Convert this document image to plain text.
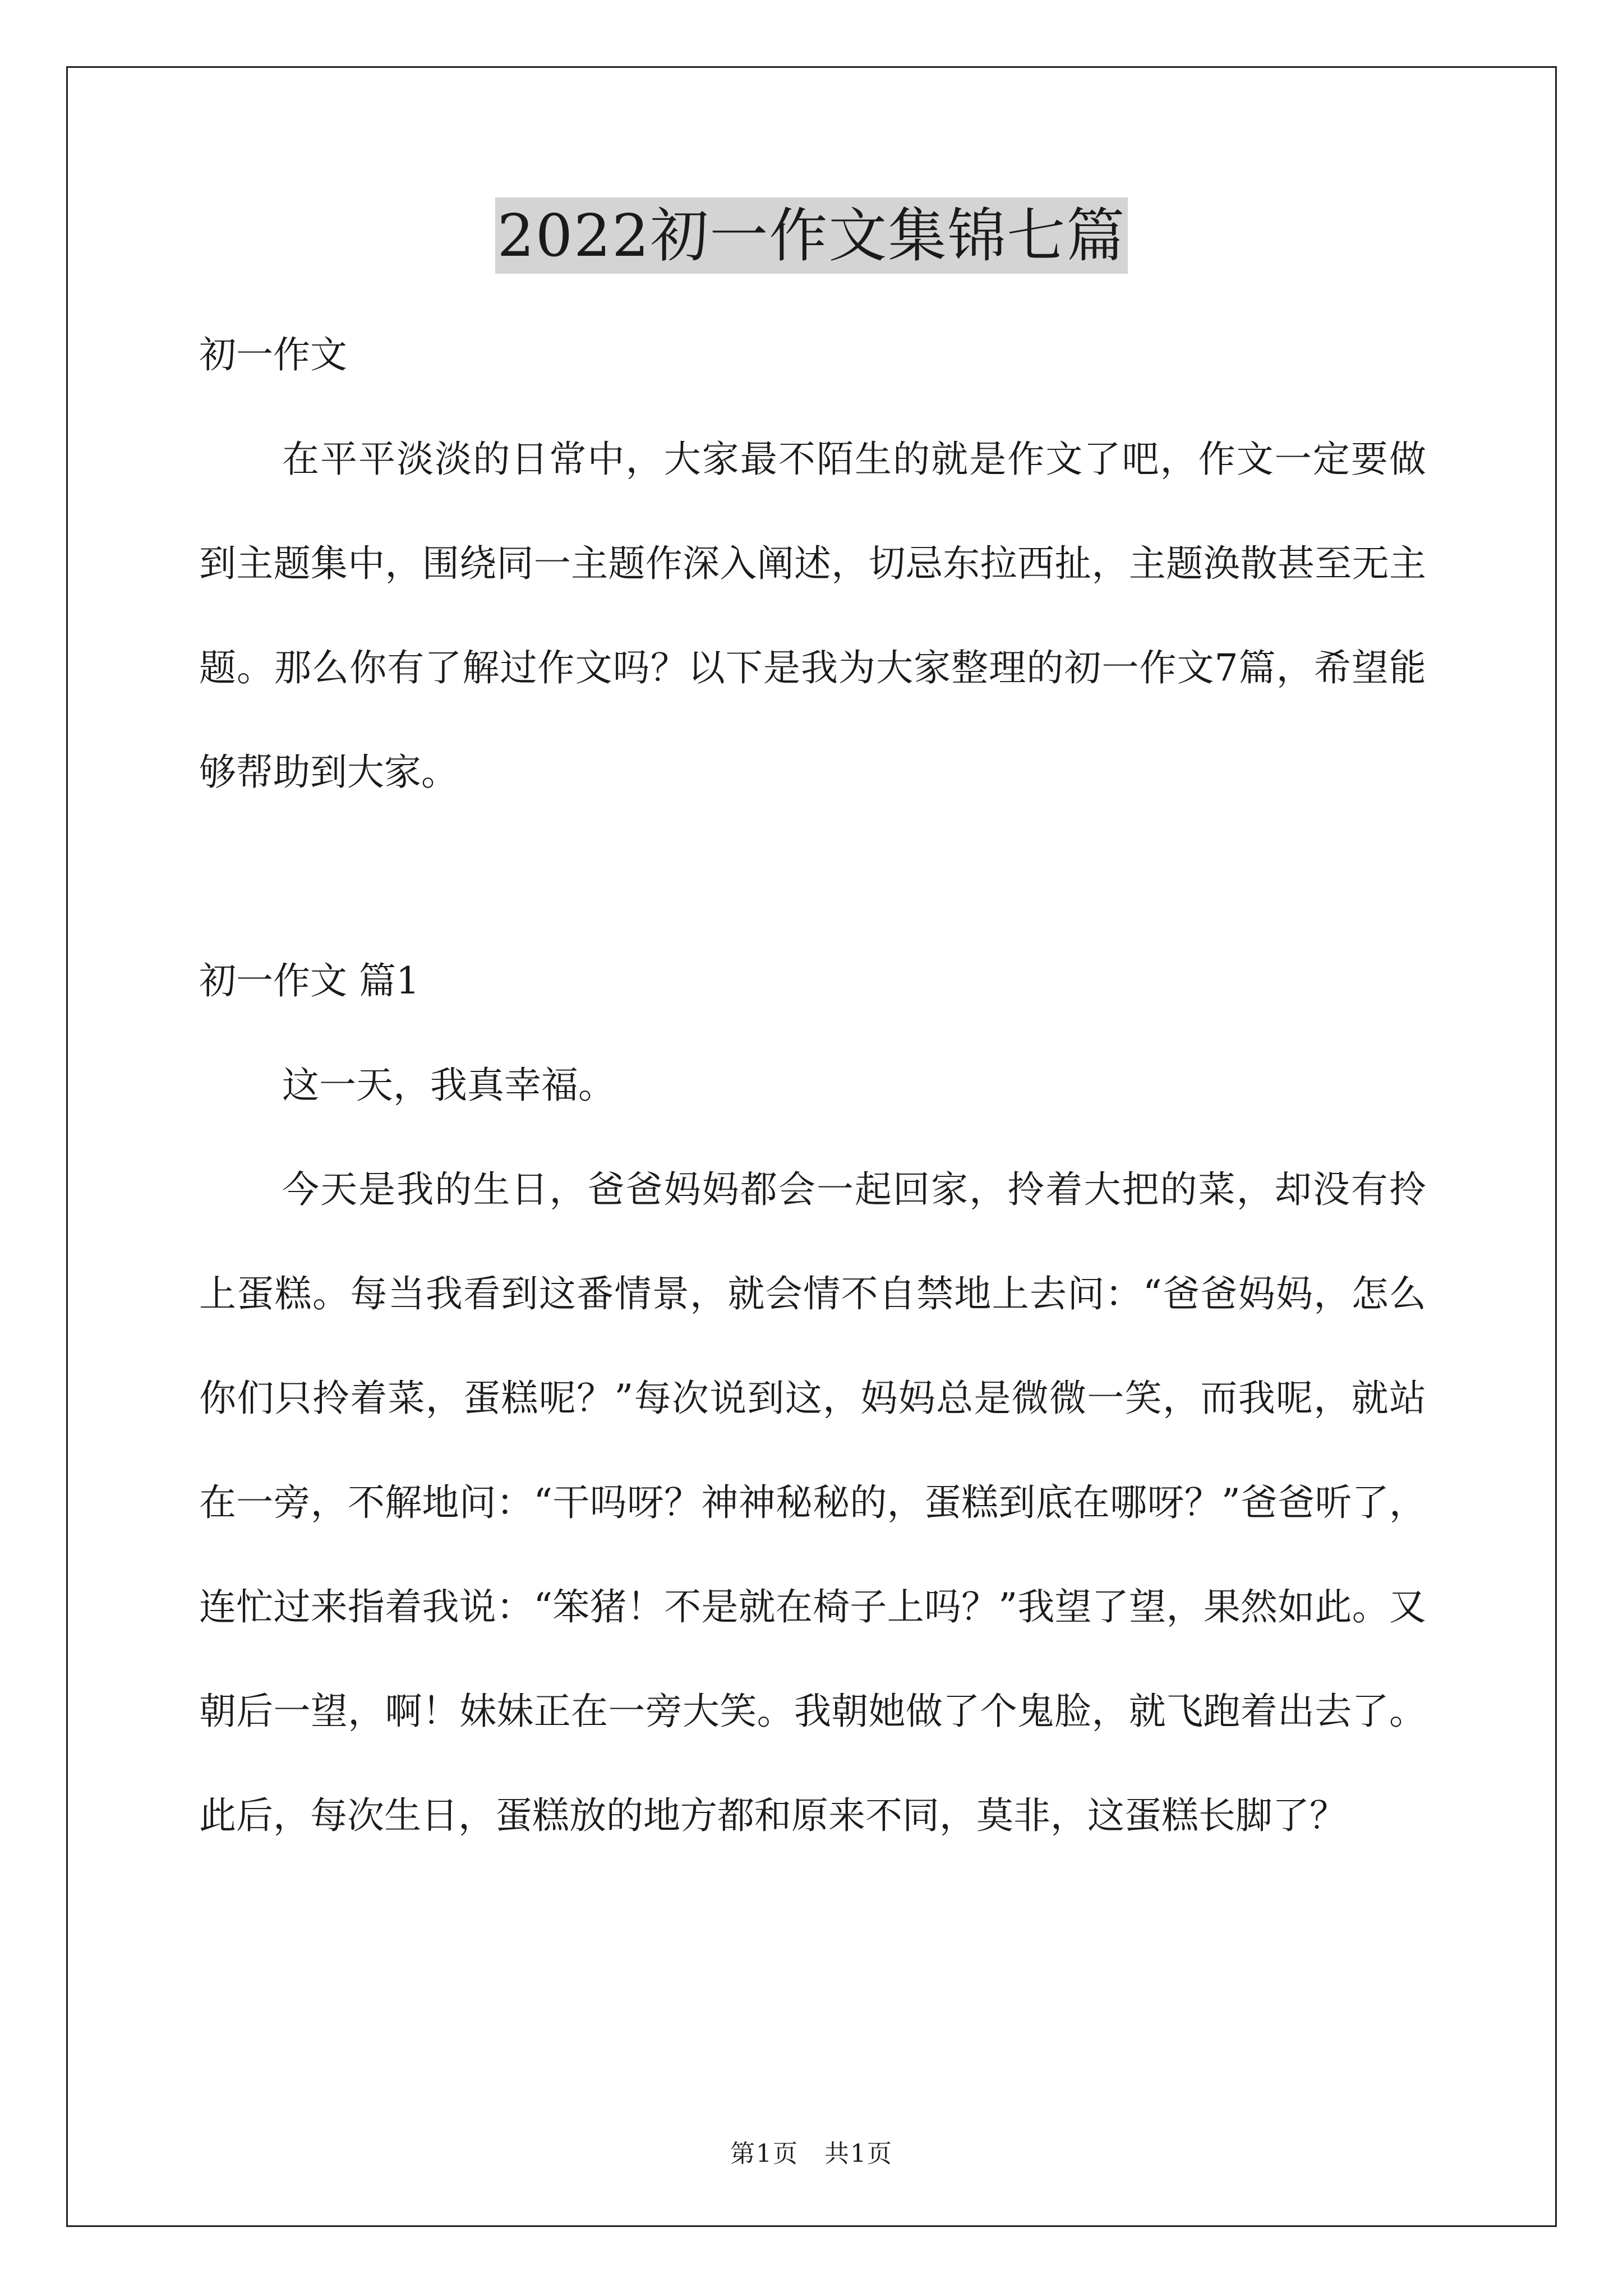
2022初一作文集锦七篇

初一作文

在平平淡淡的日常中，大家最不陌生的就是作文了吧，作文一定要做到主题集中，围绕同一主题作深入阐述，切忌东拉西扯，主题涣散甚至无主题。那么你有了解过作文吗？以下是我为大家整理的初一作文7篇，希望能够帮助到大家。

初一作文 篇1

这一天，我真幸福。

今天是我的生日，爸爸妈妈都会一起回家，拎着大把的菜，却没有拎上蛋糕。每当我看到这番情景，就会情不自禁地上去问：“爸爸妈妈，怎么你们只拎着菜，蛋糕呢？”每次说到这，妈妈总是微微一笑，而我呢，就站在一旁，不解地问：“干吗呀？神神秘秘的，蛋糕到底在哪呀？”爸爸听了，连忙过来指着我说：“笨猪！不是就在椅子上吗？”我望了望，果然如此。又朝后一望，啊！妹妹正在一旁大笑。我朝她做了个鬼脸，就飞跑着出去了。此后，每次生日，蛋糕放的地方都和原来不同，莫非，这蛋糕长脚了？

第1页　共1页
